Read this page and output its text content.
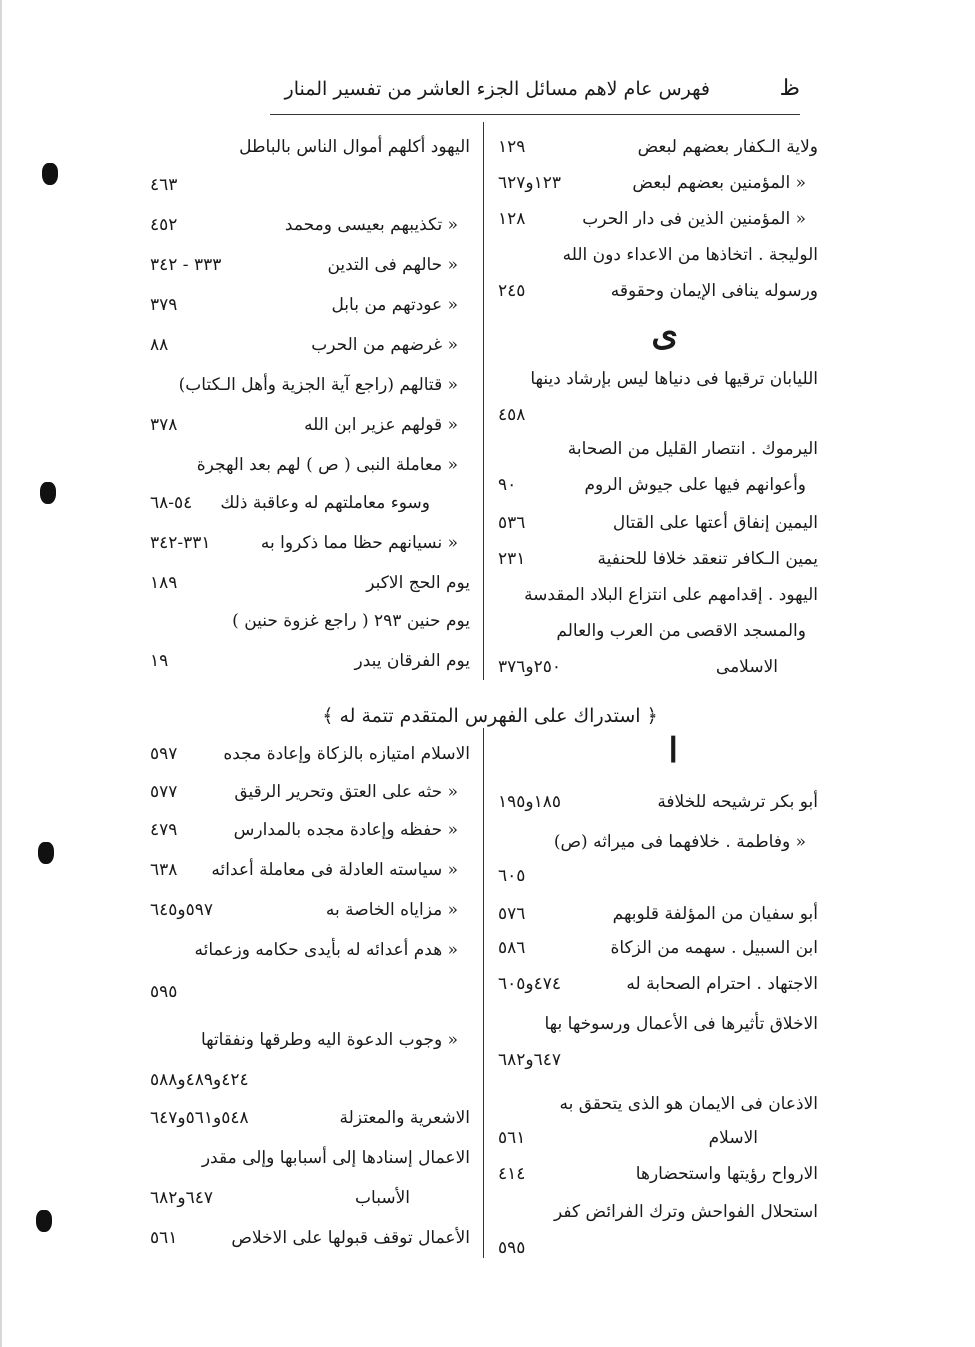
ظ
فهرس عام لاهم مسائل الجزء العاشر من تفسير المنار
ولاية الـكفار بعضهم لبعض
١٢٩
« المؤمنين بعضهم لبعض
١٢٣و٦٢٧
« المؤمنين الذين فى دار الحرب
١٢٨
الوليجة . اتخاذها من الاعداء دون الله
ورسوله ينافى الإيمان وحقوقه
٢٤٥
ى
الليابان ترقيها فى دنياها ليس بإرشاد دينها
٤٥٨
اليرموك . انتصار القليل من الصحابة
وأعوانهم فيها على جيوش الروم
٩٠
اليمين إنفاق أعتها على القتال
٥٣٦
يمين الـكافر تنعقد خلافا للحنفية
٢٣١
اليهود . إقدامهم على انتزاع البلاد المقدسة
والمسجد الاقصى من العرب والعالم
الاسلامى
٢٥٠و٣٧٦
اليهود أكلهم أموال الناس بالباطل
٤٦٣
« تكذيبهم بعيسى ومحمد
٤٥٢
« حالهم فى التدين
٣٣٣ - ٣٤٢
« عودتهم من بابل
٣٧٩
« غرضهم من الحرب
٨٨
« قتالهم (راجع آية الجزية وأهل الـكتاب)
« قولهم عزير ابن الله
٣٧٨
« معاملة النبى ( ص ) لهم بعد الهجرة
وسوء معاملتهم له وعاقبة ذلك
٥٤-٦٨
« نسيانهم حظا مما ذكروا به
٣٣١-٣٤٢
يوم الحج الاكبر
١٨٩
يوم حنين ٢٩٣ ( راجع غزوة حنين )
يوم الفرقان يبدر
١٩
﴿ استدراك على الفهرس المتقدم تتمة له ﴾
ا
أبو بكر ترشيحه للخلافة
١٨٥و١٩٥
« وفاطمة . خلافهما فى ميراثه (ص)
٦٠٥
أبو سفيان من المؤلفة قلوبهم
٥٧٦
ابن السبيل . سهمه من الزكاة
٥٨٦
الاجتهاد . احترام الصحابة له
٤٧٤و٦٠٥
الاخلاق تأثيرها فى الأعمال ورسوخها بها
٦٤٧و٦٨٢
الاذعان فى الايمان هو الذى يتحقق به
الاسلام
٥٦١
الارواح رؤيتها واستحضارها
٤١٤
استحلال الفواحش وترك الفرائض كفر
٥٩٥
الاسلام امتيازه بالزكاة وإعادة مجده
٥٩٧
« حثه على العتق وتحرير الرقيق
٥٧٧
« حفظه وإعادة مجده بالمدارس
٤٧٩
« سياسته العادلة فى معاملة أعدائه
٦٣٨
« مزاياه الخاصة به
٥٩٧و٦٤٥
« هدم أعدائه له بأيدى حكامه وزعمائه
٥٩٥
« وجوب الدعوة اليه وطرقها ونفقاتها
٤٢٤و٤٨٩و٥٨٨
الاشعرية والمعتزلة
٥٤٨و٥٦١و٦٤٧
الاعمال إسنادها إلى أسبابها وإلى مقدر
الأسباب
٦٤٧و٦٨٢
الأعمال توقف قبولها على الاخلاص
٥٦١
